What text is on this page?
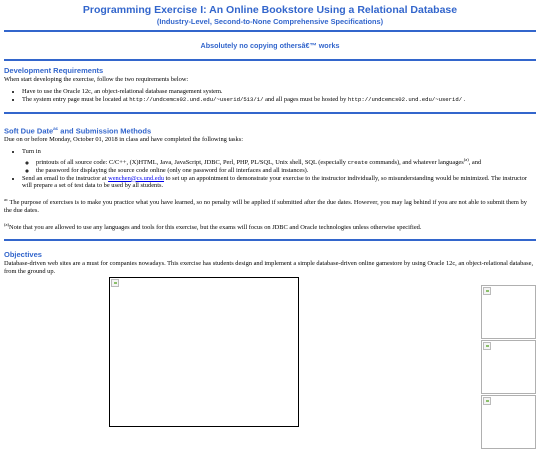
Programming Exercise I: An Online Bookstore Using a Relational Database
(Industry-Level, Second-to-None Comprehensive Specifications)
Absolutely no copying othersâ€™ works
Development Requirements

When start developing the exercise, follow the two requirements below:

• Have to use the Oracle 12c, an object-relational database management system.
• The system entry page must be located at http://undcemcs02.und.edu/~userid/513/1/ and all pages must be hosted by http://undcemcs02.und.edu/~userid/ .
Soft Due Date$^{ac}$ and Submission Methods

Due on or before Monday, October 01, 2018 in class and have completed the following tasks:

• Turn in
◦ printouts of all source code: C/C++, (X)HTML, Java, JavaScript, JDBC, Perl, PHP, PL/SQL, Unix shell, SQL (especially create commands), and whatever languages$^{(a)}$, and
◦ the password for displaying the source code online (only one password for all interfaces and all instances).
• Send an email to the instructor at wenchen@cs.und.edu to set up an appointment to demonstrate your exercise to the instructor individually, so misunderstanding would be minimized. The instructor will prepare a set of test data to be used by all students.

$^{ac}$ The purpose of exercises is to make you practice what you have learned, so no penalty will be applied if submitted after the due dates. However, you may lag behind if you are not able to submit them by the due dates.

$^{(a)}$Note that you are allowed to use any languages and tools for this exercise, but the exams will focus on JDBC and Oracle technologies unless otherwise specified.

Objectives

Database-driven web sites are a must for companies nowadays. This exercise has students design and implement a simple database-driven online gamestore by using Oracle 12c, an object-relational database, from the ground up.
